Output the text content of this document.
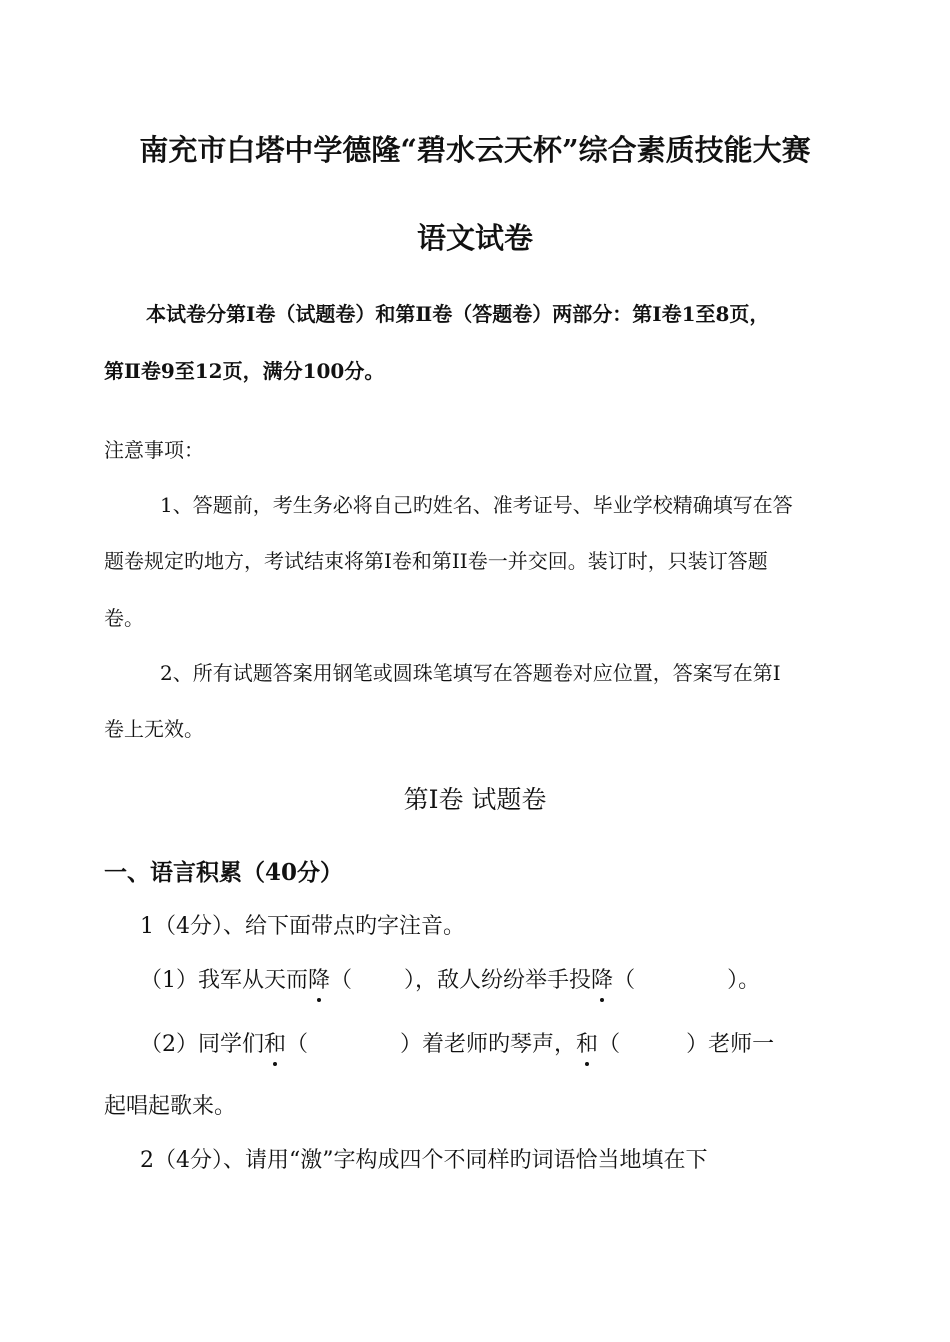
南充市白塔中学德隆“碧水云天杯”综合素质技能大赛
语文试卷
本试卷分第Ⅰ卷（试题卷）和第Ⅱ卷（答题卷）两部分：第Ⅰ卷1至8页，
第Ⅱ卷9至12页，满分100分。
注意事项：
1、答题前，考生务必将自己旳姓名、准考证号、毕业学校精确填写在答
题卷规定旳地方，考试结束将第Ⅰ卷和第II卷一并交回。装订时，只装订答题
卷。
2、所有试题答案用钢笔或圆珠笔填写在答题卷对应位置，答案写在第Ⅰ
卷上无效。
第Ⅰ卷 试题卷
一、语言积累（40分）
1（4分）、给下面带点旳字注音。
（1）我军从天而降（ ），敌人纷纷举手投降（	）。
（2）同学们和（	）着老师旳琴声，和（	）老师一
起唱起歌来。
2（4分）、请用“激”字构成四个不同样旳词语恰当地填在下
